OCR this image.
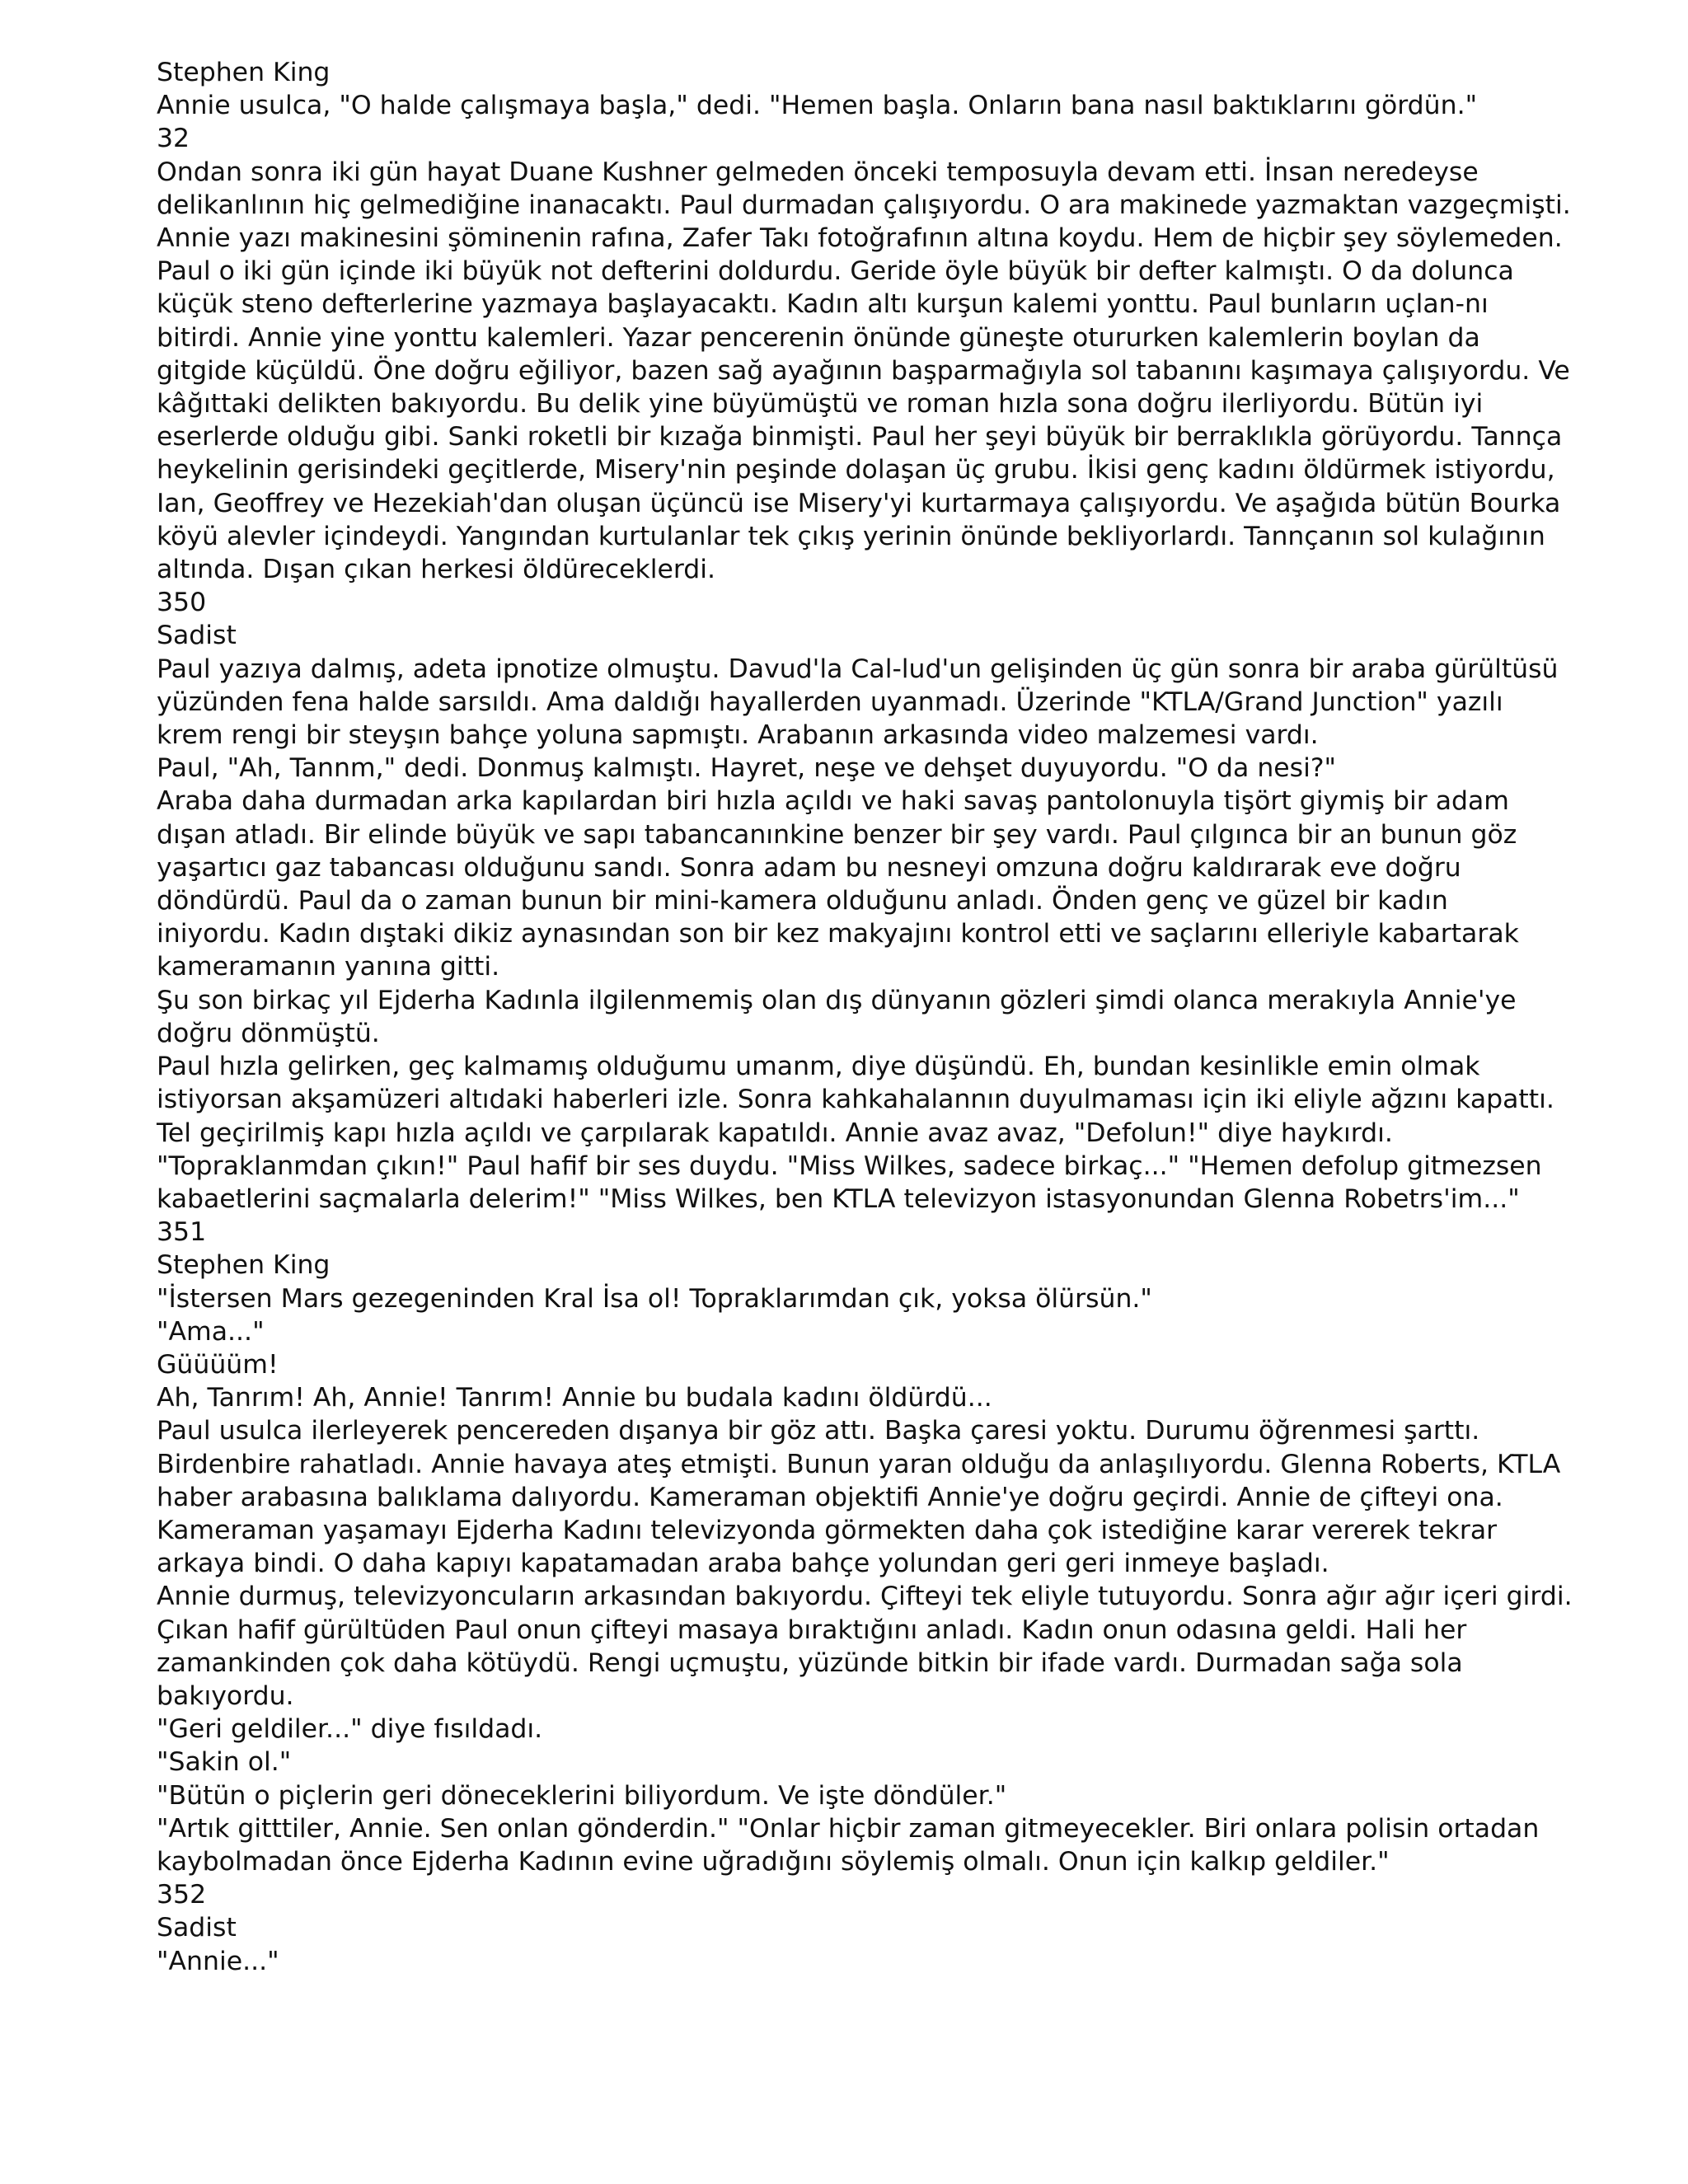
Stephen King
Annie usulca, "O halde çalışmaya başla," dedi. "Hemen başla. Onların bana nasıl baktıklarını gördün."
32
Ondan sonra iki gün hayat Duane Kushner gelmeden önceki temposuyla devam etti. İnsan neredeyse
delikanlının hiç gelmediğine inanacaktı. Paul durmadan çalışıyordu. O ara makinede yazmaktan vazgeçmişti.
Annie yazı makinesini şöminenin rafına, Zafer Takı fotoğrafının altına koydu. Hem de hiçbir şey söylemeden.
Paul o iki gün içinde iki büyük not defterini doldurdu. Geride öyle büyük bir defter kalmıştı. O da dolunca
küçük steno defterlerine yazmaya başlayacaktı. Kadın altı kurşun kalemi yonttu. Paul bunların uçlan-nı
bitirdi. Annie yine yonttu kalemleri. Yazar pencerenin önünde güneşte otururken kalemlerin boylan da
gitgide küçüldü. Öne doğru eğiliyor, bazen sağ ayağının başparmağıyla sol tabanını kaşımaya çalışıyordu. Ve
kâğıttaki delikten bakıyordu. Bu delik yine büyümüştü ve roman hızla sona doğru ilerliyordu. Bütün iyi
eserlerde olduğu gibi. Sanki roketli bir kızağa binmişti. Paul her şeyi büyük bir berraklıkla görüyordu. Tannça
heykelinin gerisindeki geçitlerde, Misery'nin peşinde dolaşan üç grubu. İkisi genç kadını öldürmek istiyordu,
Ian, Geoffrey ve Hezekiah'dan oluşan üçüncü ise Misery'yi kurtarmaya çalışıyordu. Ve aşağıda bütün Bourka
köyü alevler içindeydi. Yangından kurtulanlar tek çıkış yerinin önünde bekliyorlardı. Tannçanın sol kulağının
altında. Dışan çıkan herkesi öldüreceklerdi.
350
Sadist
Paul yazıya dalmış, adeta ipnotize olmuştu. Davud'la Cal-lud'un gelişinden üç gün sonra bir araba gürültüsü
yüzünden fena halde sarsıldı. Ama daldığı hayallerden uyanmadı. Üzerinde "KTLA/Grand Junction" yazılı
krem rengi bir steyşın bahçe yoluna sapmıştı. Arabanın arkasında video malzemesi vardı.
Paul, "Ah, Tannm," dedi. Donmuş kalmıştı. Hayret, neşe ve dehşet duyuyordu. "O da nesi?"
Araba daha durmadan arka kapılardan biri hızla açıldı ve haki savaş pantolonuyla tişört giymiş bir adam
dışan atladı. Bir elinde büyük ve sapı tabancanınkine benzer bir şey vardı. Paul çılgınca bir an bunun göz
yaşartıcı gaz tabancası olduğunu sandı. Sonra adam bu nesneyi omzuna doğru kaldırarak eve doğru
döndürdü. Paul da o zaman bunun bir mini-kamera olduğunu anladı. Önden genç ve güzel bir kadın
iniyordu. Kadın dıştaki dikiz aynasından son bir kez makyajını kontrol etti ve saçlarını elleriyle kabartarak
kameramanın yanına gitti.
Şu son birkaç yıl Ejderha Kadınla ilgilenmemiş olan dış dünyanın gözleri şimdi olanca merakıyla Annie'ye
doğru dönmüştü.
Paul hızla gelirken, geç kalmamış olduğumu umanm, diye düşündü. Eh, bundan kesinlikle emin olmak
istiyorsan akşamüzeri altıdaki haberleri izle. Sonra kahkahalannın duyulmaması için iki eliyle ağzını kapattı.
Tel geçirilmiş kapı hızla açıldı ve çarpılarak kapatıldı. Annie avaz avaz, "Defolun!" diye haykırdı.
"Topraklanmdan çıkın!" Paul hafif bir ses duydu. "Miss Wilkes, sadece birkaç..." "Hemen defolup gitmezsen
kabaetlerini saçmalarla delerim!" "Miss Wilkes, ben KTLA televizyon istasyonundan Glenna Robetrs'im..."
351
Stephen King
"İstersen Mars gezegeninden Kral İsa ol! Topraklarımdan çık, yoksa ölürsün."
"Ama..."
Güüüüm!
Ah, Tanrım! Ah, Annie! Tanrım! Annie bu budala kadını öldürdü...
Paul usulca ilerleyerek pencereden dışanya bir göz attı. Başka çaresi yoktu. Durumu öğrenmesi şarttı.
Birdenbire rahatladı. Annie havaya ateş etmişti. Bunun yaran olduğu da anlaşılıyordu. Glenna Roberts, KTLA
haber arabasına balıklama dalıyordu. Kameraman objektifi Annie'ye doğru geçirdi. Annie de çifteyi ona.
Kameraman yaşamayı Ejderha Kadını televizyonda görmekten daha çok istediğine karar vererek tekrar
arkaya bindi. O daha kapıyı kapatamadan araba bahçe yolundan geri geri inmeye başladı.
Annie durmuş, televizyoncuların arkasından bakıyordu. Çifteyi tek eliyle tutuyordu. Sonra ağır ağır içeri girdi.
Çıkan hafif gürültüden Paul onun çifteyi masaya bıraktığını anladı. Kadın onun odasına geldi. Hali her
zamankinden çok daha kötüydü. Rengi uçmuştu, yüzünde bitkin bir ifade vardı. Durmadan sağa sola
bakıyordu.
"Geri geldiler..." diye fısıldadı.
"Sakin ol."
"Bütün o piçlerin geri döneceklerini biliyordum. Ve işte döndüler."
"Artık gitttiler, Annie. Sen onlan gönderdin." "Onlar hiçbir zaman gitmeyecekler. Biri onlara polisin ortadan
kaybolmadan önce Ejderha Kadının evine uğradığını söylemiş olmalı. Onun için kalkıp geldiler."
352
Sadist
"Annie..."
